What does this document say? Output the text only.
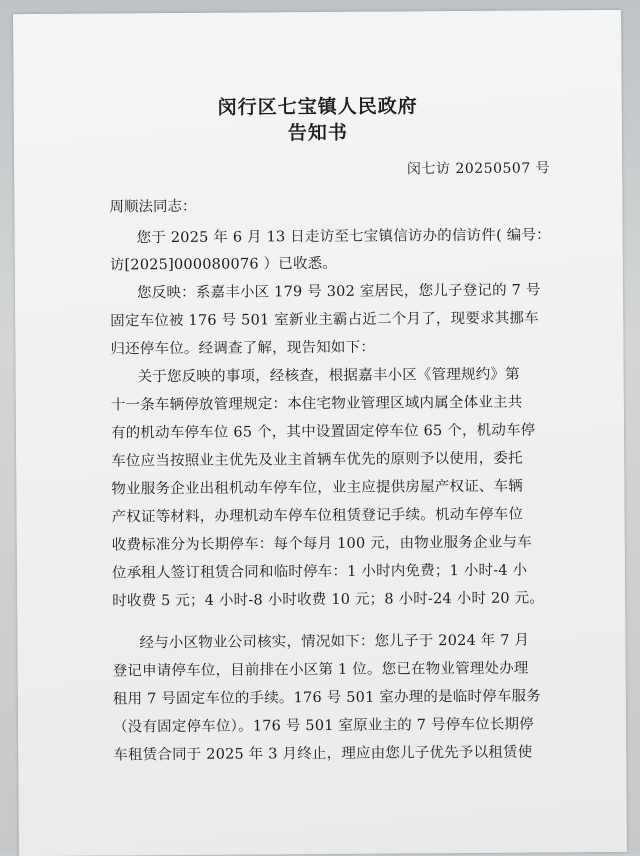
闵行区七宝镇人民政府
告知书
闵七访 20250507 号
周顺法同志：
您于 2025 年 6 月 13 日走访至七宝镇信访办的信访件( 编号：
访[2025]000080076 ）已收悉。
您反映：系嘉丰小区 179 号 302 室居民，您儿子登记的 7 号
固定车位被 176 号 501 室新业主霸占近二个月了，现要求其挪车
归还停车位。经调查了解，现告知如下：
关于您反映的事项，经核查，根据嘉丰小区《管理规约》第
十一条车辆停放管理规定：本住宅物业管理区域内属全体业主共
有的机动车停车位 65 个，其中设置固定停车位 65 个，机动车停
车位应当按照业主优先及业主首辆车优先的原则予以使用，委托
物业服务企业出租机动车停车位，业主应提供房屋产权证、车辆
产权证等材料，办理机动车停车位租赁登记手续。机动车停车位
收费标准分为长期停车：每个每月 100 元，由物业服务企业与车
位承租人签订租赁合同和临时停车：1 小时内免费；1 小时-4 小
时收费 5 元；4 小时-8 小时收费 10 元；8 小时-24 小时 20 元。
经与小区物业公司核实，情况如下：您儿子于 2024 年 7 月
登记申请停车位，目前排在小区第 1 位。您已在物业管理处办理
租用 7 号固定车位的手续。176 号 501 室办理的是临时停车服务
（没有固定停车位）。176 号 501 室原业主的 7 号停车位长期停
车租赁合同于 2025 年 3 月终止，理应由您儿子优先予以租赁使
